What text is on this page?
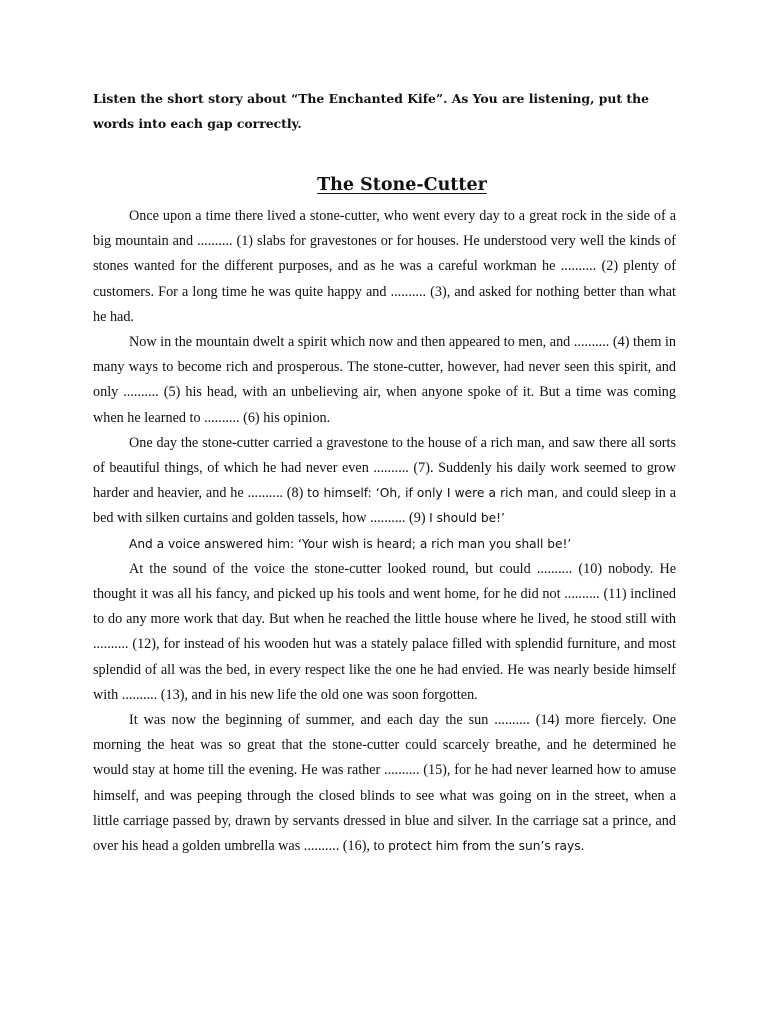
Listen the short story about “The Enchanted Kife”. As You are listening, put the words into each gap correctly.

The Stone-Cutter

Once upon a time there lived a stone-cutter, who went every day to a great rock in the side of a big mountain and .......... (1) slabs for gravestones or for houses. He understood very well the kinds of stones wanted for the different purposes, and as he was a careful workman he .......... (2) plenty of customers. For a long time he was quite happy and .......... (3), and asked for nothing better than what he had.

Now in the mountain dwelt a spirit which now and then appeared to men, and .......... (4) them in many ways to become rich and prosperous. The stone-cutter, however, had never seen this spirit, and only .......... (5) his head, with an unbelieving air, when anyone spoke of it. But a time was coming when he learned to .......... (6) his opinion.

One day the stone-cutter carried a gravestone to the house of a rich man, and saw there all sorts of beautiful things, of which he had never even .......... (7). Suddenly his daily work seemed to grow harder and heavier, and he .......... (8) to himself: ‘Oh, if only I were a rich man, and could sleep in a bed with silken curtains and golden tassels, how .......... (9) I should be!’

And a voice answered him: ‘Your wish is heard; a rich man you shall be!’

At the sound of the voice the stone-cutter looked round, but could .......... (10) nobody. He thought it was all his fancy, and picked up his tools and went home, for he did not .......... (11) inclined to do any more work that day. But when he reached the little house where he lived, he stood still with .......... (12), for instead of his wooden hut was a stately palace filled with splendid furniture, and most splendid of all was the bed, in every respect like the one he had envied. He was nearly beside himself with .......... (13), and in his new life the old one was soon forgotten.

It was now the beginning of summer, and each day the sun .......... (14) more fiercely. One morning the heat was so great that the stone-cutter could scarcely breathe, and he determined he would stay at home till the evening. He was rather .......... (15), for he had never learned how to amuse himself, and was peeping through the closed blinds to see what was going on in the street, when a little carriage passed by, drawn by servants dressed in blue and silver. In the carriage sat a prince, and over his head a golden umbrella was .......... (16), to protect him from the sun’s rays.
